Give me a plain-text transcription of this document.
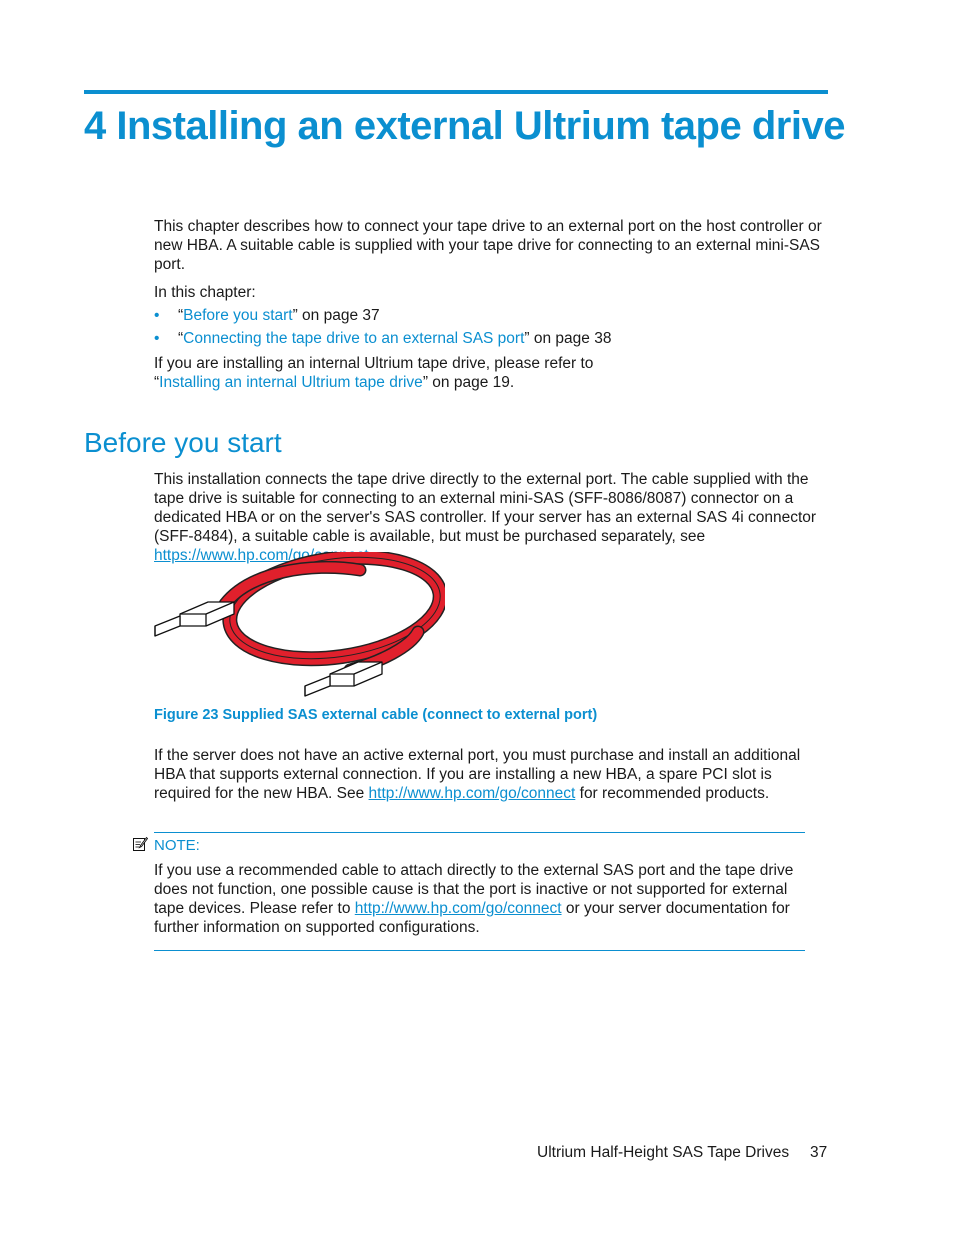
4 Installing an external Ultrium tape drive

This chapter describes how to connect your tape drive to an external port on the host controller or new HBA. A suitable cable is supplied with your tape drive for connecting to an external mini-SAS port.

In this chapter:

• “Before you start” on page 37
• “Connecting the tape drive to an external SAS port” on page 38

If you are installing an internal Ultrium tape drive, please refer to
“Installing an internal Ultrium tape drive” on page 19.

Before you start

This installation connects the tape drive directly to the external port. The cable supplied with the tape drive is suitable for connecting to an external mini-SAS (SFF-8086/8087) connector on a dedicated HBA or on the server's SAS controller. If your server has an external SAS 4i connector (SFF-8484), a suitable cable is available, but must be purchased separately, see https://www.hp.com/go/connect.

Figure 23 Supplied SAS external cable (connect to external port)

If the server does not have an active external port, you must purchase and install an additional HBA that supports external connection. If you are installing a new HBA, a spare PCI slot is required for the new HBA. See http://www.hp.com/go/connect for recommended products.

NOTE:

If you use a recommended cable to attach directly to the external SAS port and the tape drive does not function, one possible cause is that the port is inactive or not supported for external tape devices. Please refer to http://www.hp.com/go/connect or your server documentation for further information on supported configurations.

Ultrium Half-Height SAS Tape Drives 37
